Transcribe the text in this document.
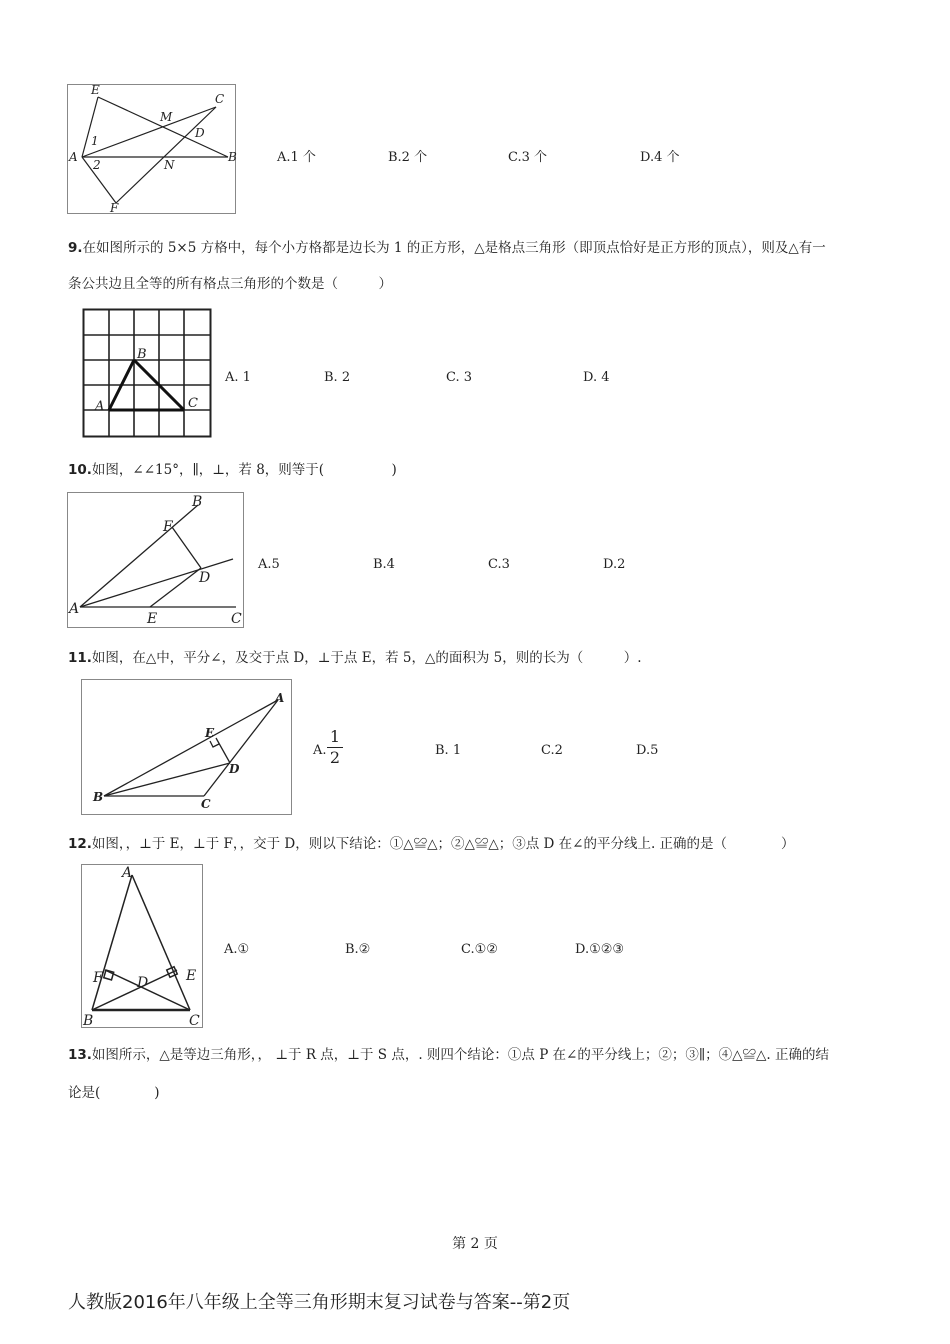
E
M
C
D
1
A
2	N
B
F
A.1 个	B.2 个	C.3 个	D.4 个
9.在如图所示的 5×5 方格中，每个小方格都是边长为 1 的正方形，△是格点三角形（即顶点恰好是正方形的顶点），则及△有一
条公共边且全等的所有格点三角形的个数是（　　　）
B
A	C
A. 1	B. 2	C. 3	D. 4
10.如图，∠∠15°，∥，⊥，若 8，则等于(　　　　　)
B
F
D
A
E	C
A.5	B.4	C.3	D.2
11.如图，在△中，平分∠，及交于点 D，⊥于点 E，若 5，△的面积为 5，则的长为（　　　）.
A
E
D
B	C
A.
1
2	B. 1	C.2	D.5
12.如图，，⊥于 E，⊥于 F，，交于 D，则以下结论：①△≌△；②△≌△；③点 D 在∠的平分线上. 正确的是（　　　　）
A
F D	E
B	C
A.①	B.②	C.①②	D.①②③
13.如图所示，△是等边三角形，， ⊥于 R 点，⊥于 S 点，. 则四个结论：①点 P 在∠的平分线上；②；③∥；④△≌△. 正确的结
论是(　　　　)
第 2 页
人教版2016年八年级上全等三角形期末复习试卷与答案--第2页
